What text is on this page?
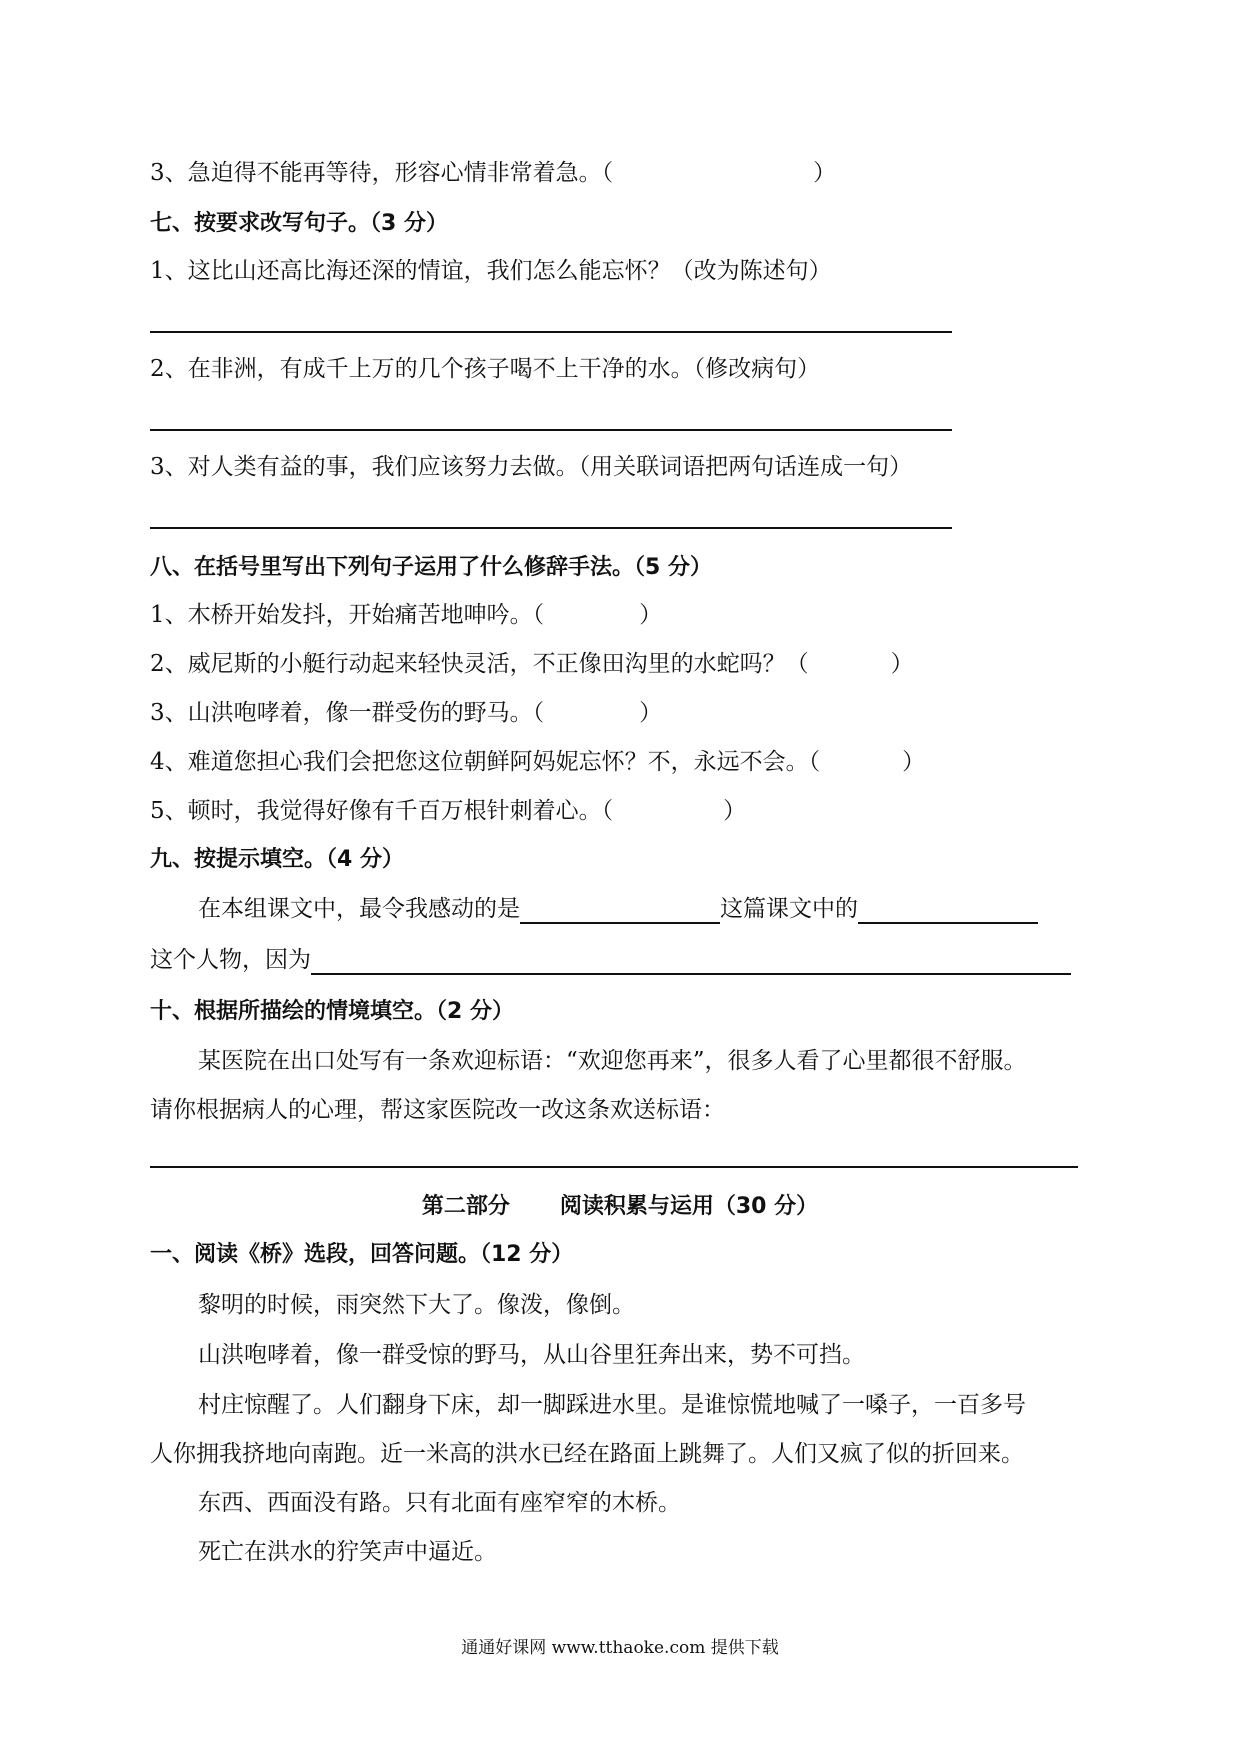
3、急迫得不能再等待，形容心情非常着急。（	）
七、按要求改写句子。（3 分）
1、这比山还高比海还深的情谊，我们怎么能忘怀？（改为陈述句）
2、在非洲，有成千上万的几个孩子喝不上干净的水。（修改病句）
3、对人类有益的事，我们应该努力去做。（用关联词语把两句话连成一句）
八、在括号里写出下列句子运用了什么修辞手法。（5 分）
1、木桥开始发抖，开始痛苦地呻吟。（	）
2、威尼斯的小艇行动起来轻快灵活，不正像田沟里的水蛇吗？（	）
3、山洪咆哮着，像一群受伤的野马。（	）
4、难道您担心我们会把您这位朝鲜阿妈妮忘怀？不，永远不会。（	）
5、顿时，我觉得好像有千百万根针刺着心。（	）
九、按提示填空。（4 分）
在本组课文中，最令我感动的是	这篇课文中的
这个人物，因为
十、根据所描绘的情境填空。（2 分）
某医院在出口处写有一条欢迎标语：“欢迎您再来”，很多人看了心里都很不舒服。
请你根据病人的心理，帮这家医院改一改这条欢送标语：
第二部分 阅读积累与运用（30 分）
一、阅读《桥》选段，回答问题。（12 分）
黎明的时候，雨突然下大了。像泼，像倒。
山洪咆哮着，像一群受惊的野马，从山谷里狂奔出来，势不可挡。
村庄惊醒了。人们翻身下床，却一脚踩进水里。是谁惊慌地喊了一嗓子，一百多号
人你拥我挤地向南跑。近一米高的洪水已经在路面上跳舞了。人们又疯了似的折回来。
东西、西面没有路。只有北面有座窄窄的木桥。
死亡在洪水的狞笑声中逼近。
通通好课网 www.tthaoke.com 提供下载
